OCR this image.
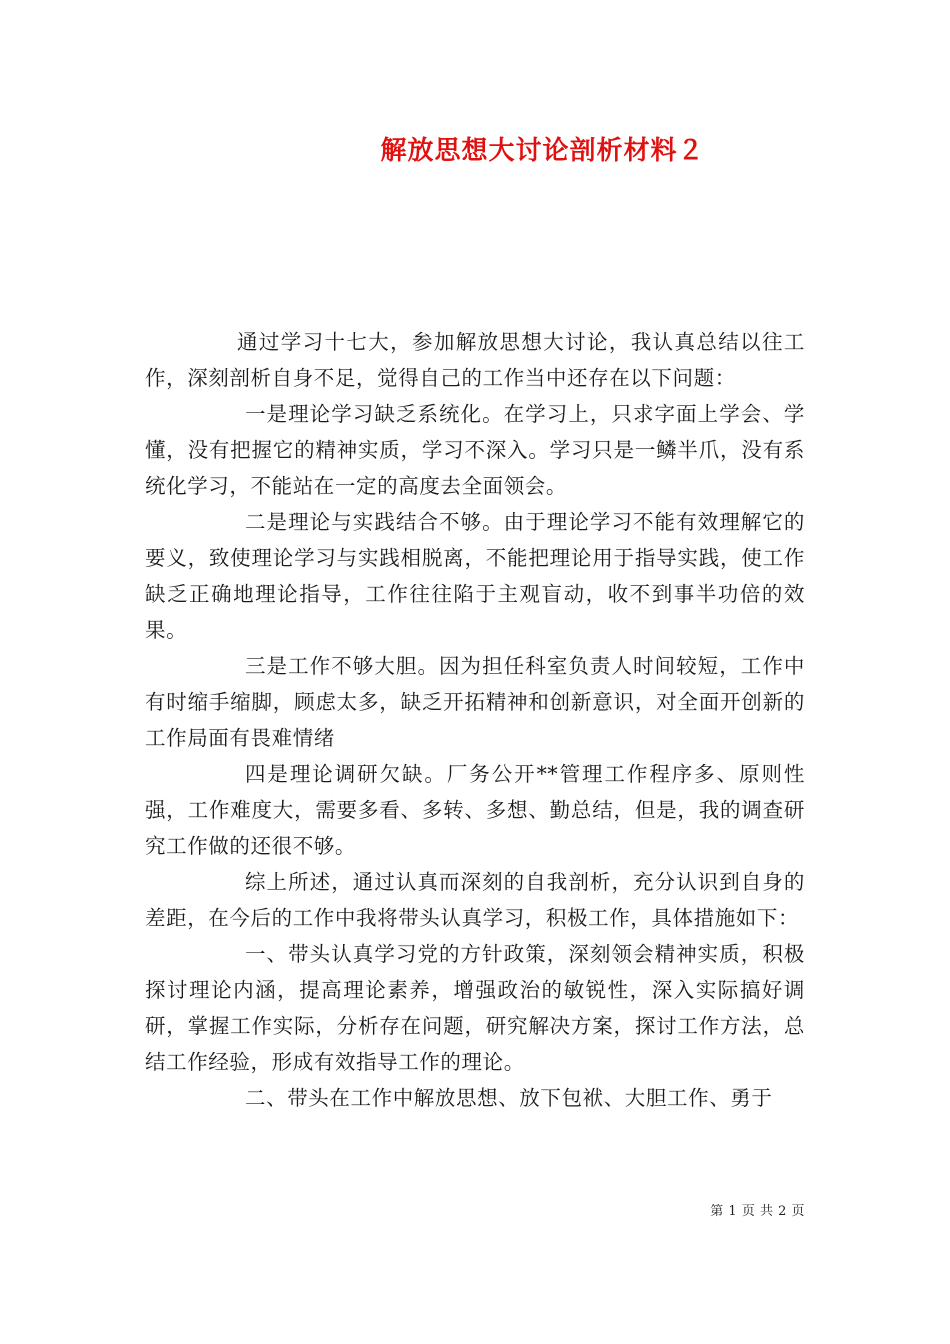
解放思想大讨论剖析材料２

通过学习十七大，参加解放思想大讨论，我认真总结以往工作，深刻剖析自身不足，觉得自己的工作当中还存在以下问题：

一是理论学习缺乏系统化。在学习上，只求字面上学会、学懂，没有把握它的精神实质，学习不深入。学习只是一鳞半爪，没有系统化学习，不能站在一定的高度去全面领会。

二是理论与实践结合不够。由于理论学习不能有效理解它的要义，致使理论学习与实践相脱离，不能把理论用于指导实践，使工作缺乏正确地理论指导，工作往往陷于主观盲动，收不到事半功倍的效果。

三是工作不够大胆。因为担任科室负责人时间较短，工作中有时缩手缩脚，顾虑太多，缺乏开拓精神和创新意识，对全面开创新的工作局面有畏难情绪

四是理论调研欠缺。厂务公开**管理工作程序多、原则性强，工作难度大，需要多看、多转、多想、勤总结，但是，我的调查研究工作做的还很不够。

综上所述，通过认真而深刻的自我剖析，充分认识到自身的差距，在今后的工作中我将带头认真学习，积极工作，具体措施如下：

一、带头认真学习党的方针政策，深刻领会精神实质，积极探讨理论内涵，提高理论素养，增强政治的敏锐性，深入实际搞好调研，掌握工作实际，分析存在问题，研究解决方案，探讨工作方法，总结工作经验，形成有效指导工作的理论。

二、带头在工作中解放思想、放下包袱、大胆工作、勇于

第 1 页 共 2 页
